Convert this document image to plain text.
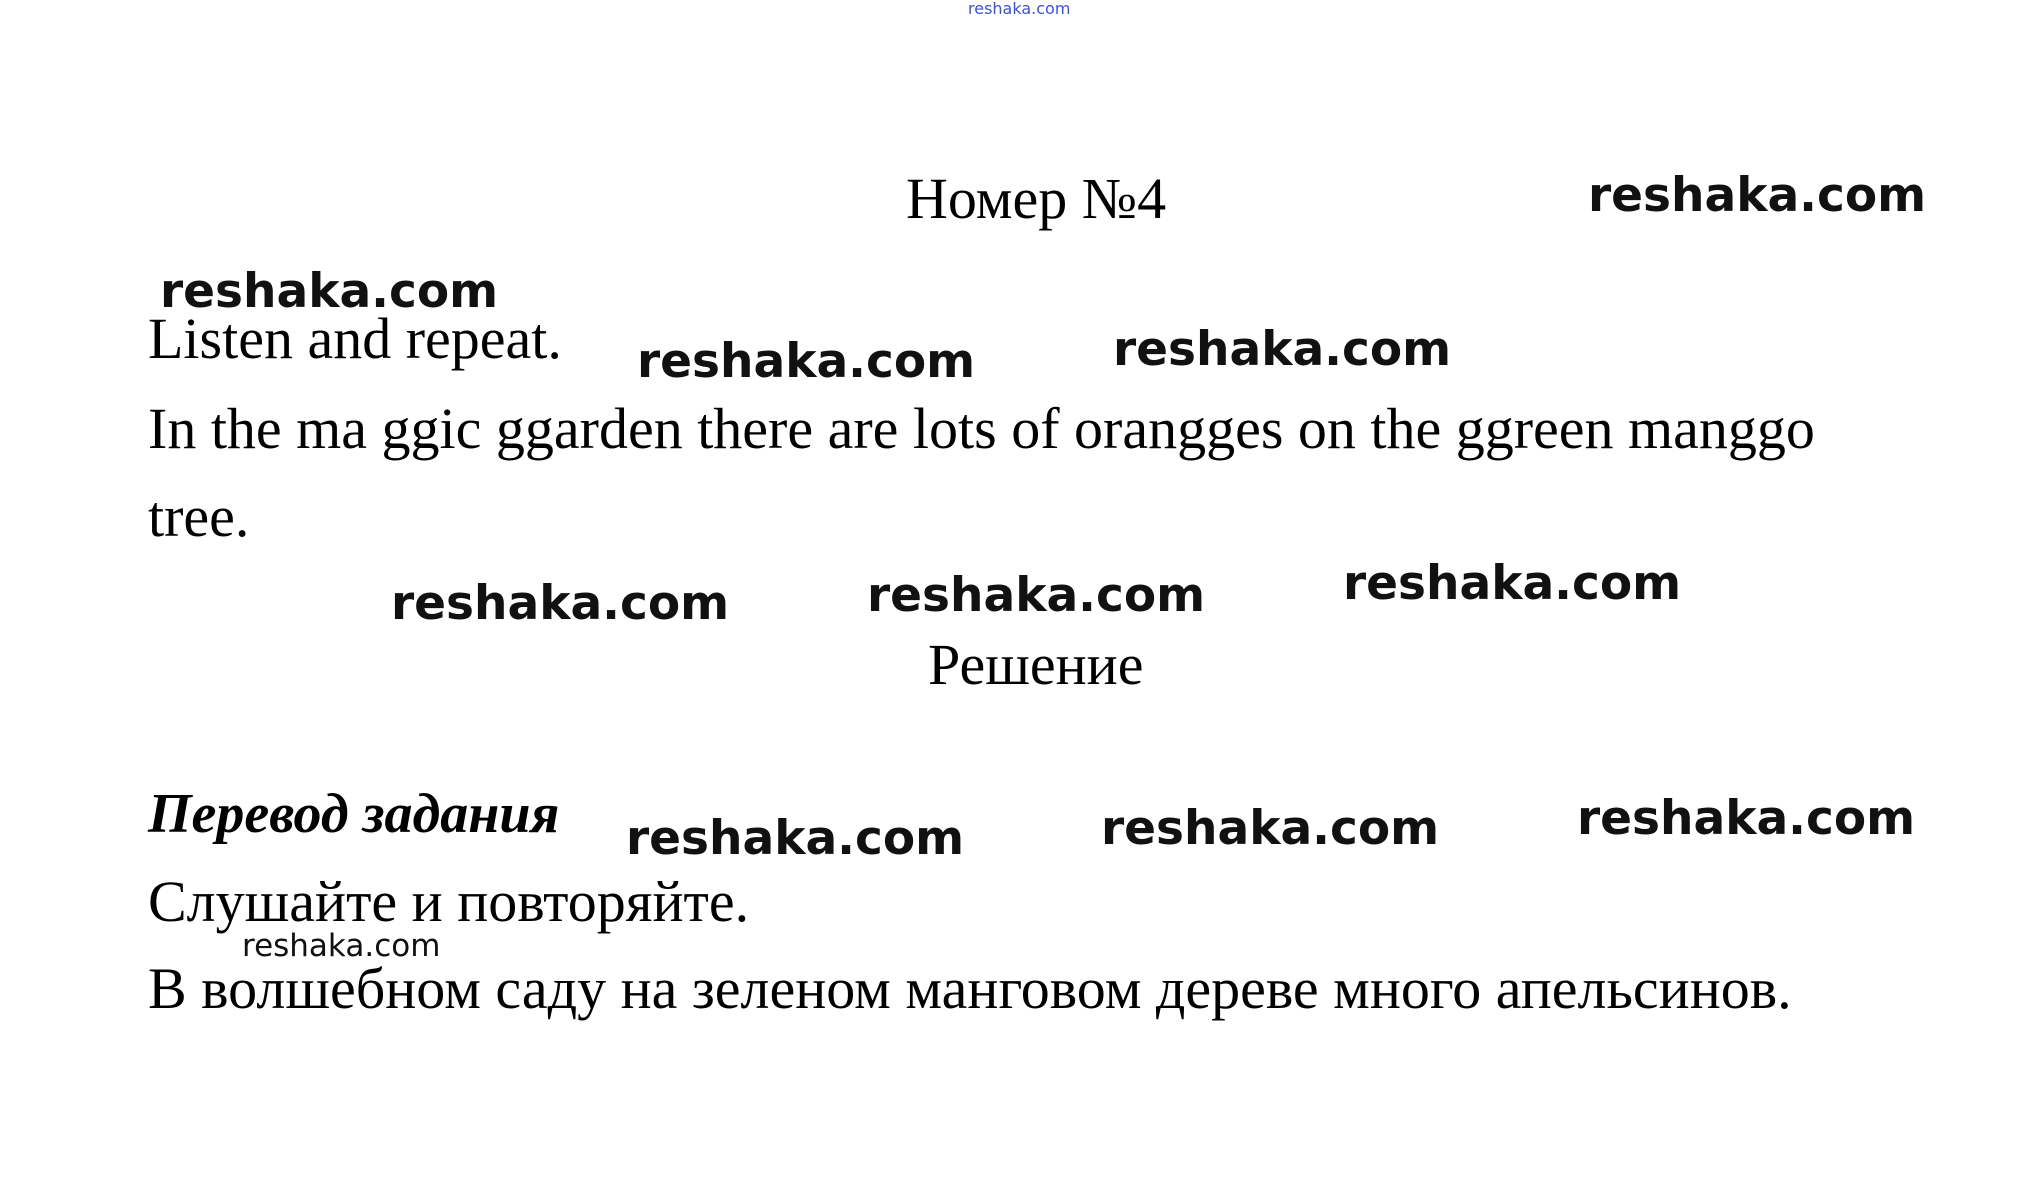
reshaka.com
Номер №4
Listen and repeat.
In the ma ggic ggarden there are lots of orangges on the ggreen manggo
tree.
Решение
Перевод задания
Слушайте и повторяйте.
В волшебном саду на зеленом манговом дереве много апельсинов.
reshaka.com
reshaka.com
reshaka.com	reshaka.com
reshaka.com	reshaka.com	reshaka.com
reshaka.com	reshaka.com	reshaka.com
reshaka.com
